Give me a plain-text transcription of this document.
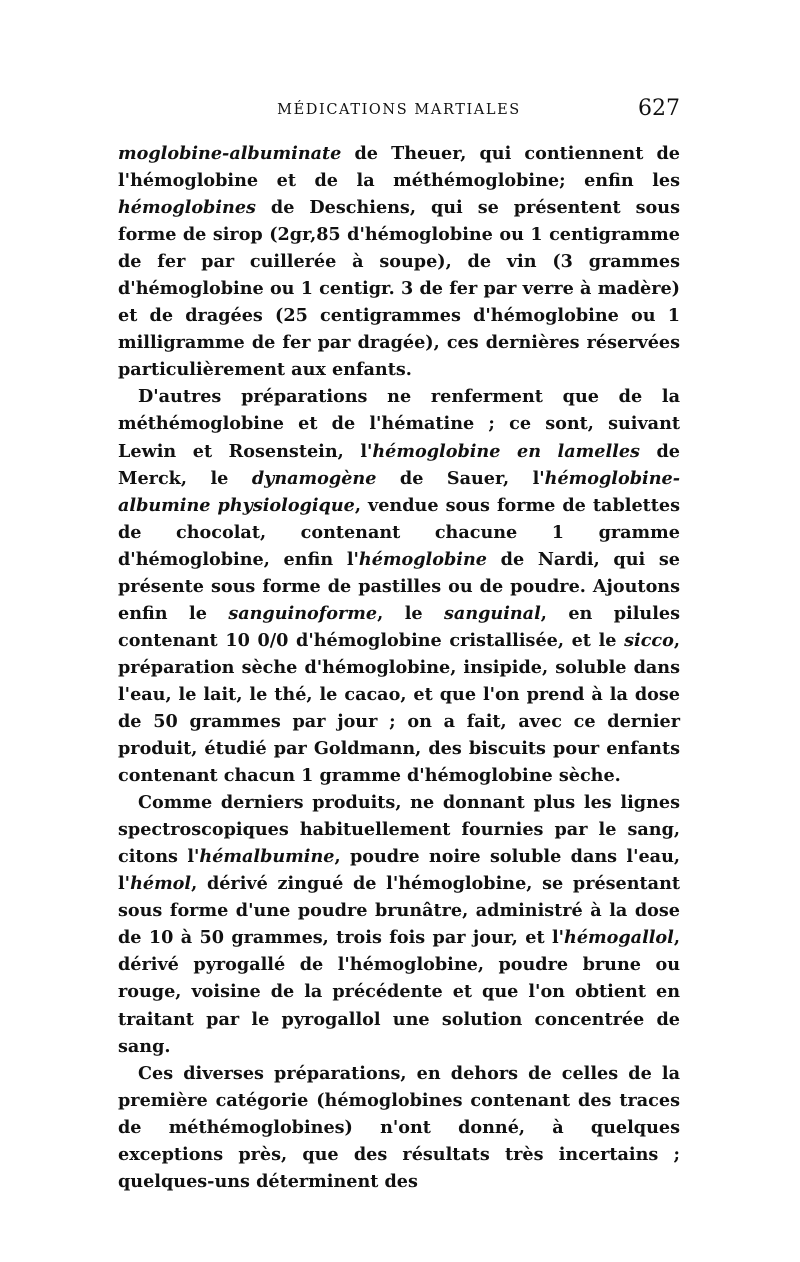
MÉDICATIONS MARTIALES	627

moglobine-albuminate de Theuer, qui contiennent de l'hémoglobine et de la méthémoglobine; enfin les hémoglobines de Deschiens, qui se présentent sous forme de sirop (2gr,85 d'hémoglobine ou 1 centigramme de fer par cuillerée à soupe), de vin (3 grammes d'hémoglobine ou 1 centigr. 3 de fer par verre à madère) et de dragées (25 centigrammes d'hémoglobine ou 1 milligramme de fer par dragée), ces dernières réservées particulièrement aux enfants.

D'autres préparations ne renferment que de la méthémoglobine et de l'hématine ; ce sont, suivant Lewin et Rosenstein, l'hémoglobine en lamelles de Merck, le dynamogène de Sauer, l'hémoglobine-albumine physiologique, vendue sous forme de tablettes de chocolat, contenant chacune 1 gramme d'hémoglobine, enfin l'hémoglobine de Nardi, qui se présente sous forme de pastilles ou de poudre. Ajoutons enfin le sanguinoforme, le sanguinal, en pilules contenant 10 0/0 d'hémoglobine cristallisée, et le sicco, préparation sèche d'hémoglobine, insipide, soluble dans l'eau, le lait, le thé, le cacao, et que l'on prend à la dose de 50 grammes par jour ; on a fait, avec ce dernier produit, étudié par Goldmann, des biscuits pour enfants contenant chacun 1 gramme d'hémoglobine sèche.

Comme derniers produits, ne donnant plus les lignes spectroscopiques habituellement fournies par le sang, citons l'hémalbumine, poudre noire soluble dans l'eau, l'hémol, dérivé zingué de l'hémoglobine, se présentant sous forme d'une poudre brunâtre, administré à la dose de 10 à 50 grammes, trois fois par jour, et l'hémogallol, dérivé pyrogallé de l'hémoglobine, poudre brune ou rouge, voisine de la précédente et que l'on obtient en traitant par le pyrogallol une solution concentrée de sang.

Ces diverses préparations, en dehors de celles de la première catégorie (hémoglobines contenant des traces de méthémoglobines) n'ont donné, à quelques exceptions près, que des résultats très incertains ; quelques-uns déterminent des
